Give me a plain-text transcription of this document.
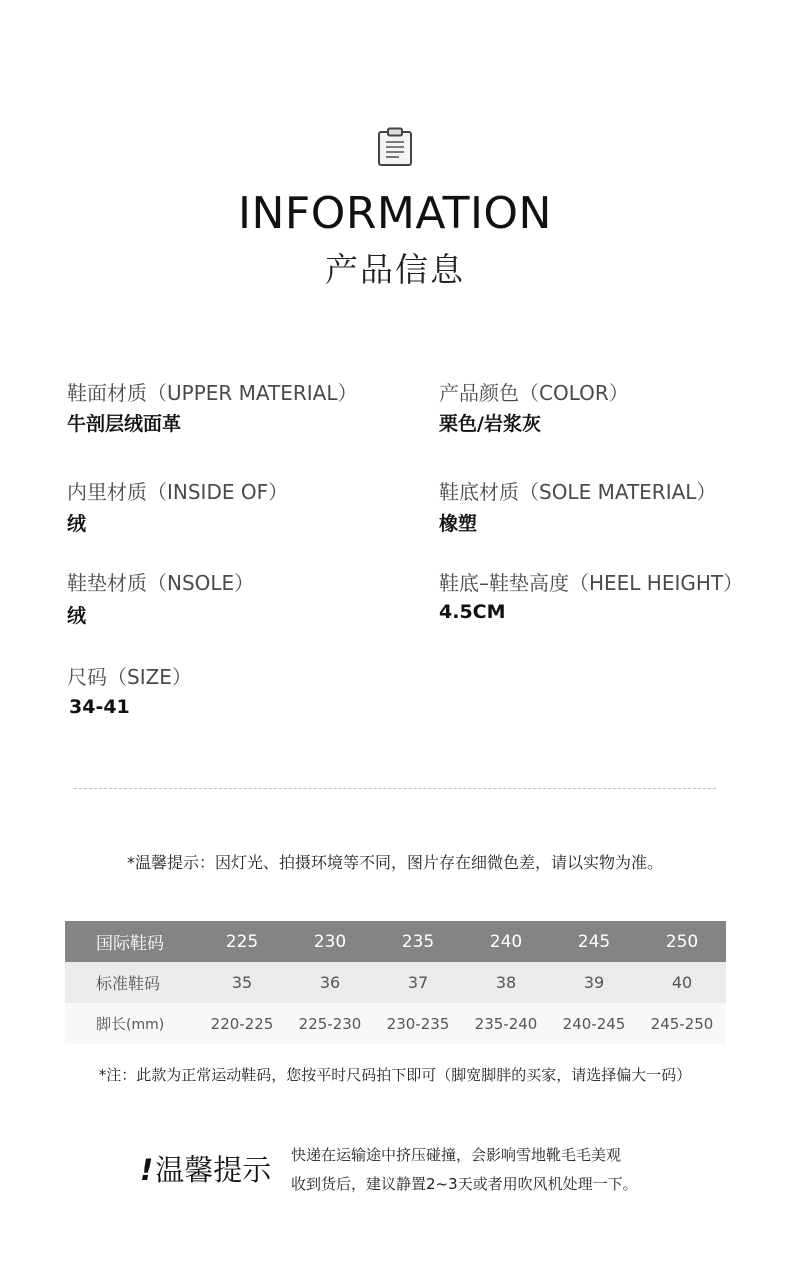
INFORMATION
产品信息
鞋面材质（UPPER MATERIAL）
牛剖层绒面革
产品颜色（COLOR）
栗色/岩浆灰
内里材质（INSIDE OF）
绒
鞋底材质（SOLE MATERIAL）
橡塑
鞋垫材质（NSOLE）
绒
鞋底–鞋垫高度（HEEL HEIGHT）
4.5CM
尺码（SIZE）
34-41
*温馨提示：因灯光、拍摄环境等不同，图片存在细微色差，请以实物为准。
国际鞋码	225	230	235	240	245	250
标准鞋码	35	36	37	38	39	40
脚长(mm)	220-225	225-230	230-235	235-240	240-245	245-250
*注：此款为正常运动鞋码，您按平时尺码拍下即可（脚宽脚胖的买家，请选择偏大一码）
!温馨提示 快递在运输途中挤压碰撞，会影响雪地靴毛毛美观
收到货后，建议静置2~3天或者用吹风机处理一下。
